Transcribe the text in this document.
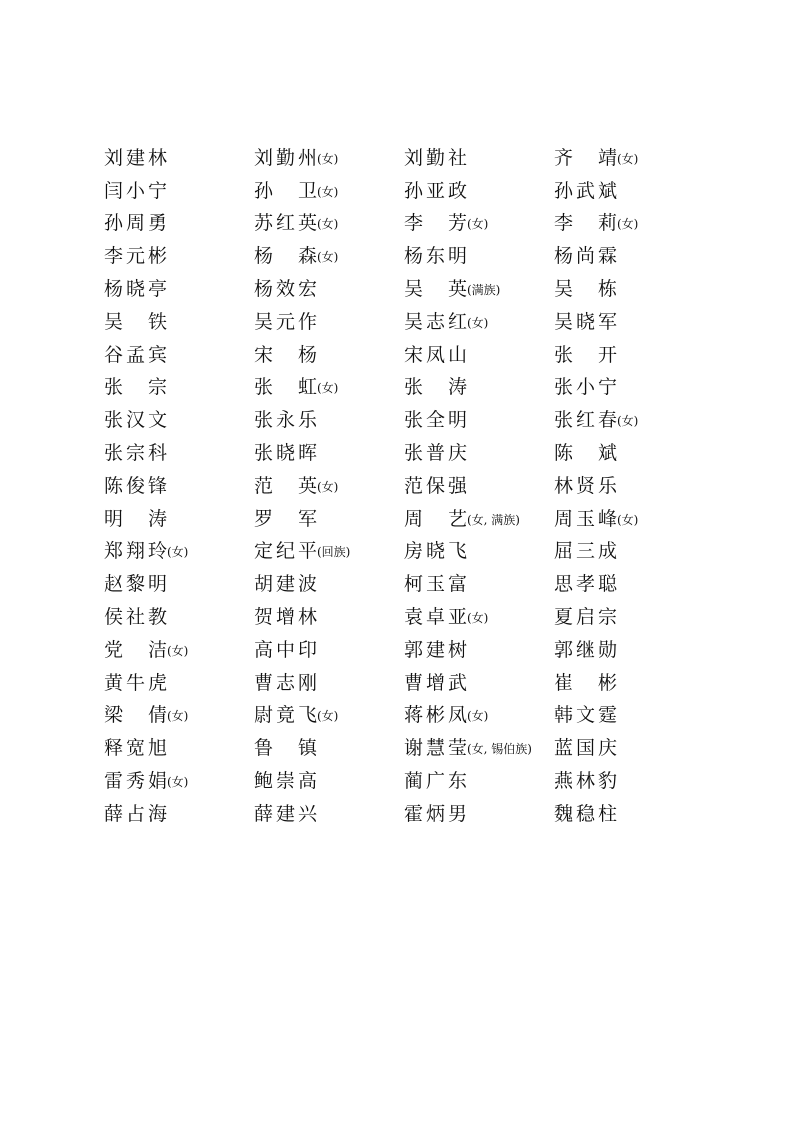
刘建林	刘勤州(女)	刘勤社	齐　靖(女)
闫小宁	孙　卫(女)	孙亚政	孙武斌
孙周勇	苏红英(女)	李　芳(女)	李　莉(女)
李元彬	杨　森(女)	杨东明	杨尚霖
杨晓亭	杨效宏	吴　英(满族)	吴　栋
吴　铁	吴元作	吴志红(女)	吴晓军
谷孟宾	宋　杨	宋凤山	张　开
张　宗	张　虹(女)	张　涛	张小宁
张汉文	张永乐	张全明	张红春(女)
张宗科	张晓晖	张普庆	陈　斌
陈俊锋	范　英(女)	范保强	林贤乐
明　涛	罗　军	周　艺(女, 满族)	周玉峰(女)
郑翔玲(女)	定纪平(回族)	房晓飞	屈三成
赵黎明	胡建波	柯玉富	思孝聪
侯社教	贺增林	袁卓亚(女)	夏启宗
党　洁(女)	高中印	郭建树	郭继勋
黄牛虎	曹志刚	曹增武	崔　彬
梁　倩(女)	尉竟飞(女)	蒋彬凤(女)	韩文霆
释宽旭	鲁　镇	谢慧莹(女, 锡伯族)	蓝国庆
雷秀娟(女)	鲍崇高	蔺广东	燕林豹
薛占海	薛建兴	霍炳男	魏稳柱
